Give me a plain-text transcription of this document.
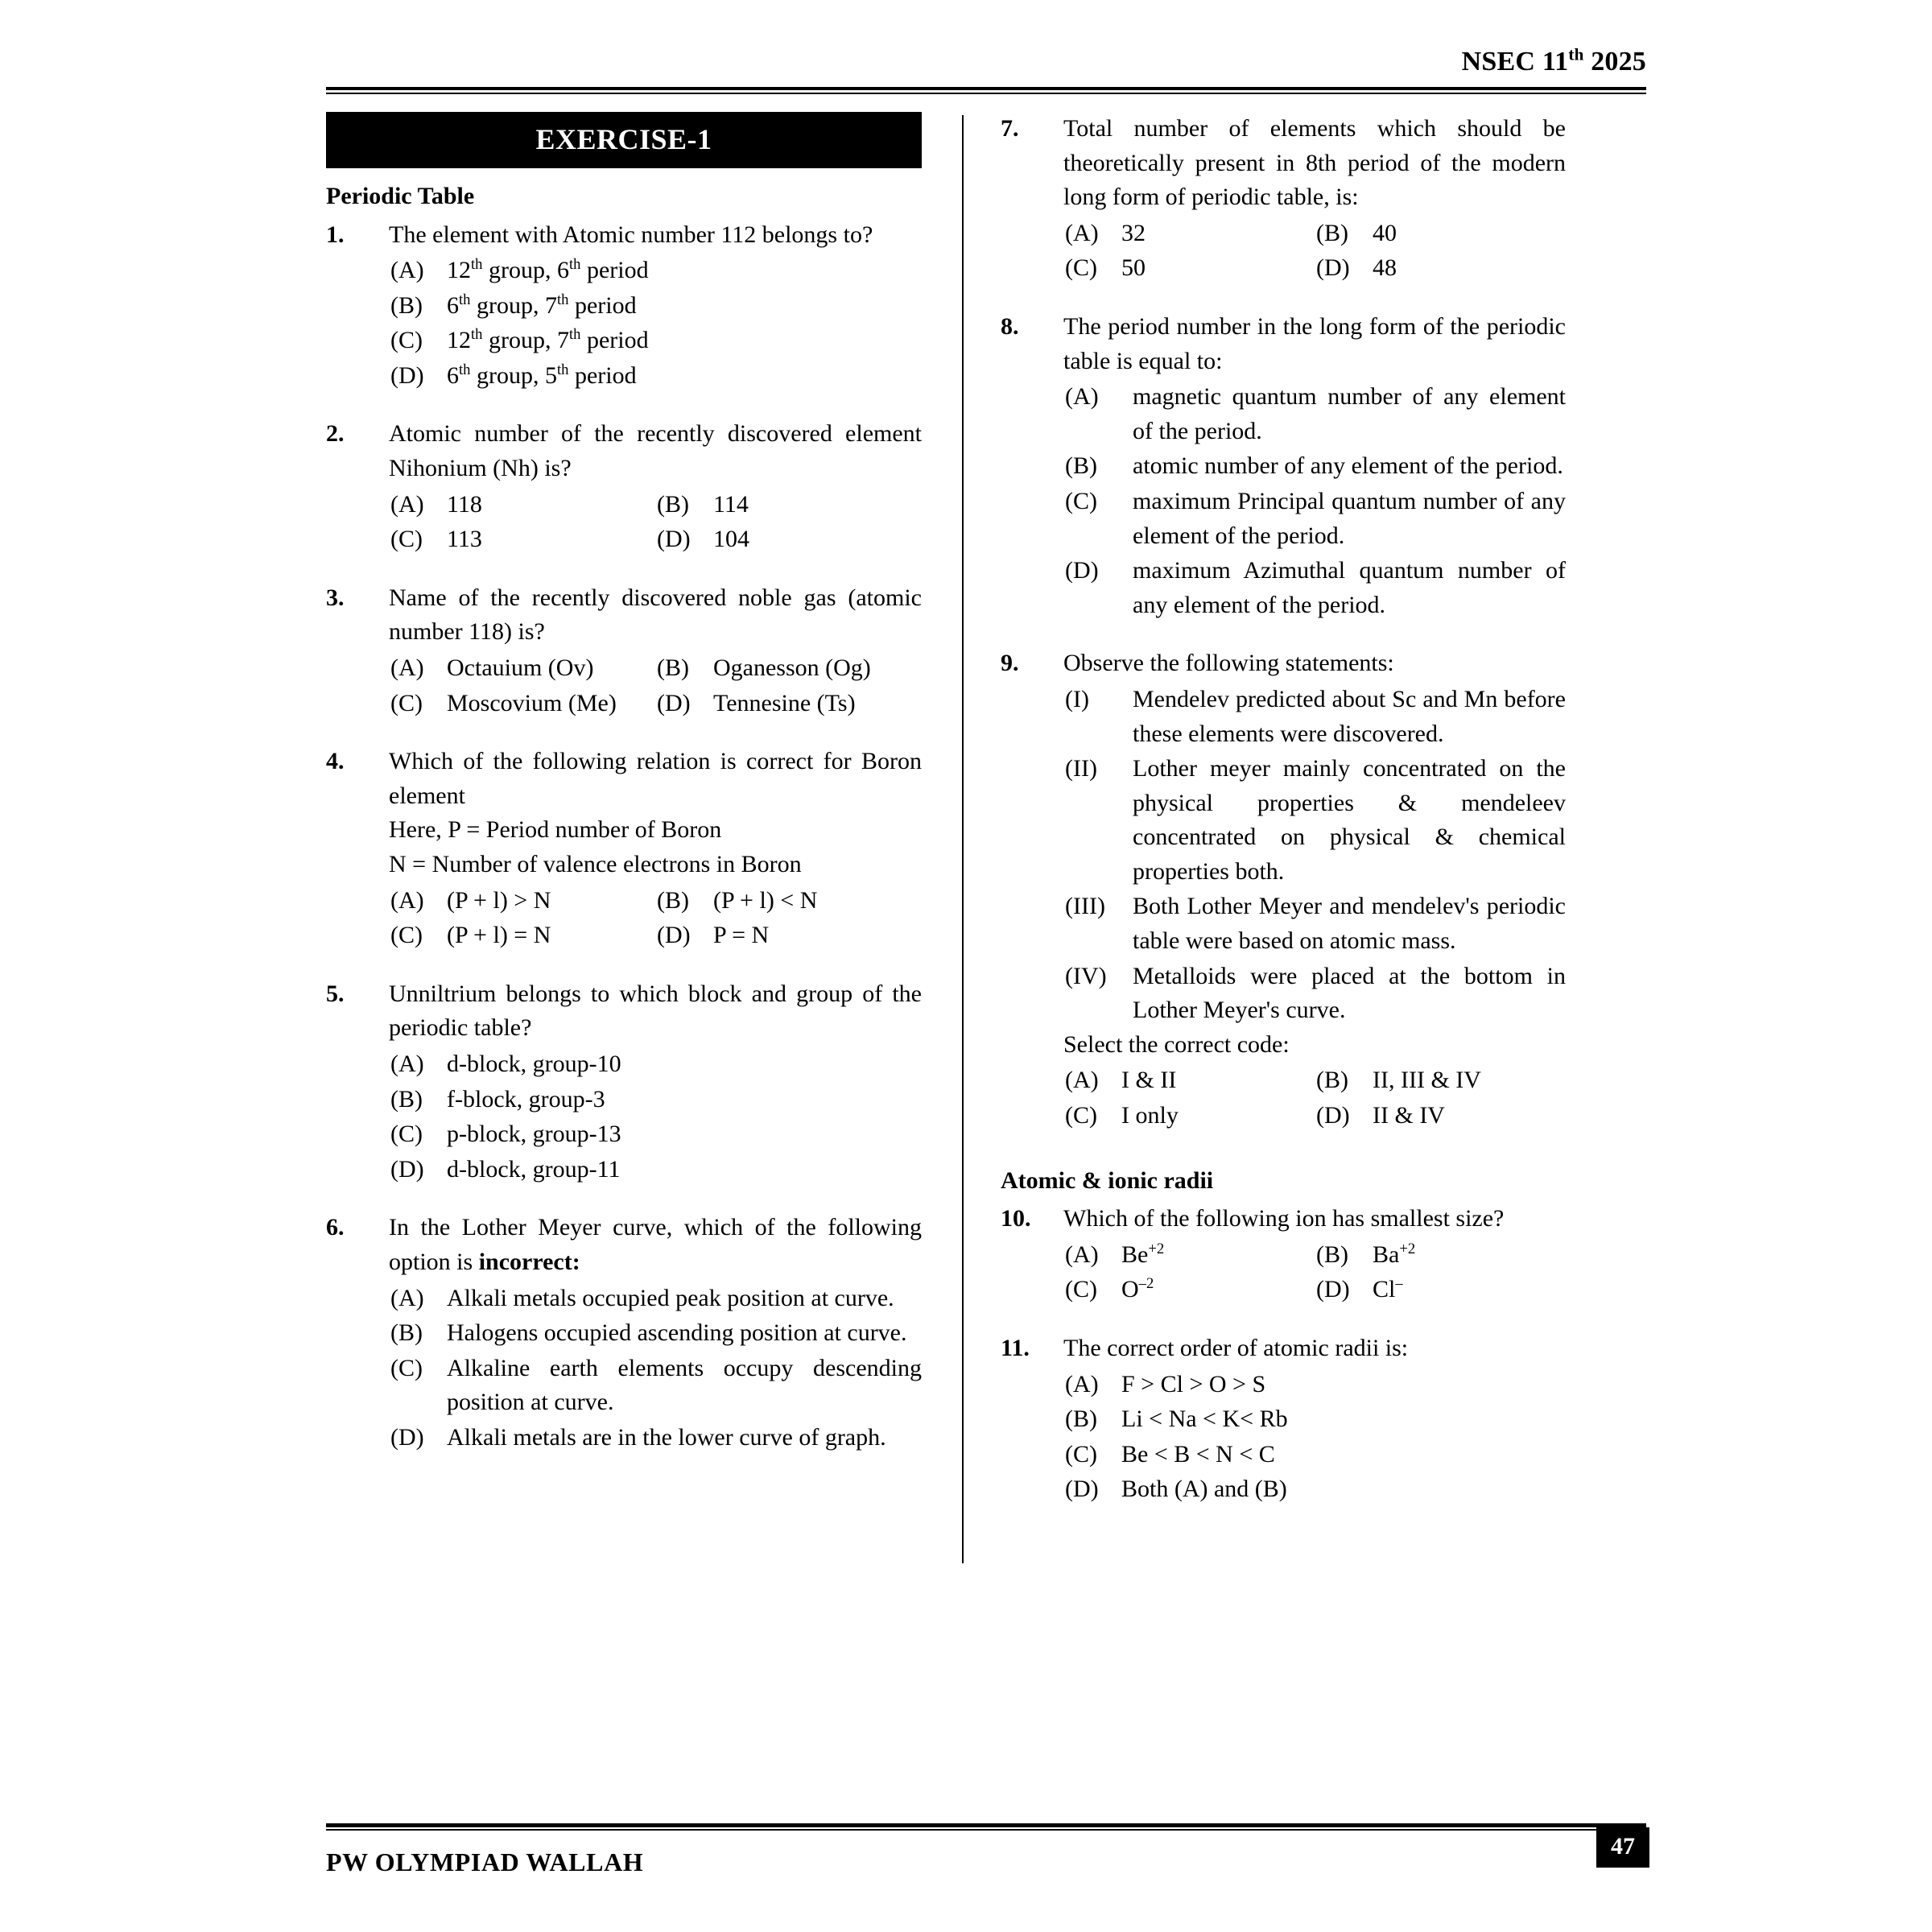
NSEC 11th 2025
EXERCISE-1
Periodic Table
1.	The element with Atomic number 112 belongs to?

(A) 12th group, 6th period
(B)	6th group, 7th period
(C)	12th group, 7th period
(D) 6th group, 5th period
2.	Atomic number of the recently discovered element Nihonium (Nh) is?

(A) 118	(B)	114
(C)	113	(D) 104
3.	Name of the recently discovered noble gas (atomic number 118) is?

(A) Octauium (Ov)	(B)	Oganesson (Og)
(C)	Moscovium (Me)	(D) Tennesine (Ts)
4.	Which of the following relation is correct for Boron element

Here, P = Period number of Boron

N = Number of valence electrons in Boron

(A) (P + l) > N	(B)	(P + l) < N
(C)	(P + l) = N	(D) P = N
5.	Unniltrium belongs to which block and group of the periodic table?

(A) d-block, group-10
(B)	f-block, group-3
(C)	p-block, group-13
(D) d-block, group-11
6.	In the Lother Meyer curve, which of the following option is incorrect:

(A) Alkali metals occupied peak position at curve.
(B)	Halogens occupied ascending position at curve.
(C)	Alkaline earth elements occupy descending position at curve.
(D) Alkali metals are in the lower curve of graph.
7.	Total number of elements which should be theoretically present in 8th period of the modern long form of periodic table, is:

(A) 32	(B)	40
(C)	50	(D) 48
8.	The period number in the long form of the periodic table is equal to:

(A)	magnetic quantum number of any element of the period.
(B)	atomic number of any element of the period.
(C)	maximum Principal quantum number of any element of the period.
(D)	maximum Azimuthal quantum number of any element of the period.
9.	Observe the following statements:

(I)	Mendelev predicted about Sc and Mn before these elements were discovered.
(II)	Lother meyer mainly concentrated on the physical properties & mendeleev concentrated on physical & chemical properties both.
(III)	Both Lother Meyer and mendelev's periodic table were based on atomic mass.
(IV)	Metalloids were placed at the bottom in Lother Meyer's curve.

Select the correct code:

(A) I & II	(B)	II, III & IV
(C)	I only	(D) II & IV
Atomic & ionic radii
10.	Which of the following ion has smallest size?

(A) $Be^{+2}$	(B)	$Ba^{+2}$
(C)	$O^{-2}$	(D) Cl–
11.	The correct order of atomic radii is:

(A) F > Cl > O > S
(B)	Li < Na < K< Rb
(C)	Be < B < N < C
(D) Both (A) and (B)
PW OLYMPIAD WALLAH
47
